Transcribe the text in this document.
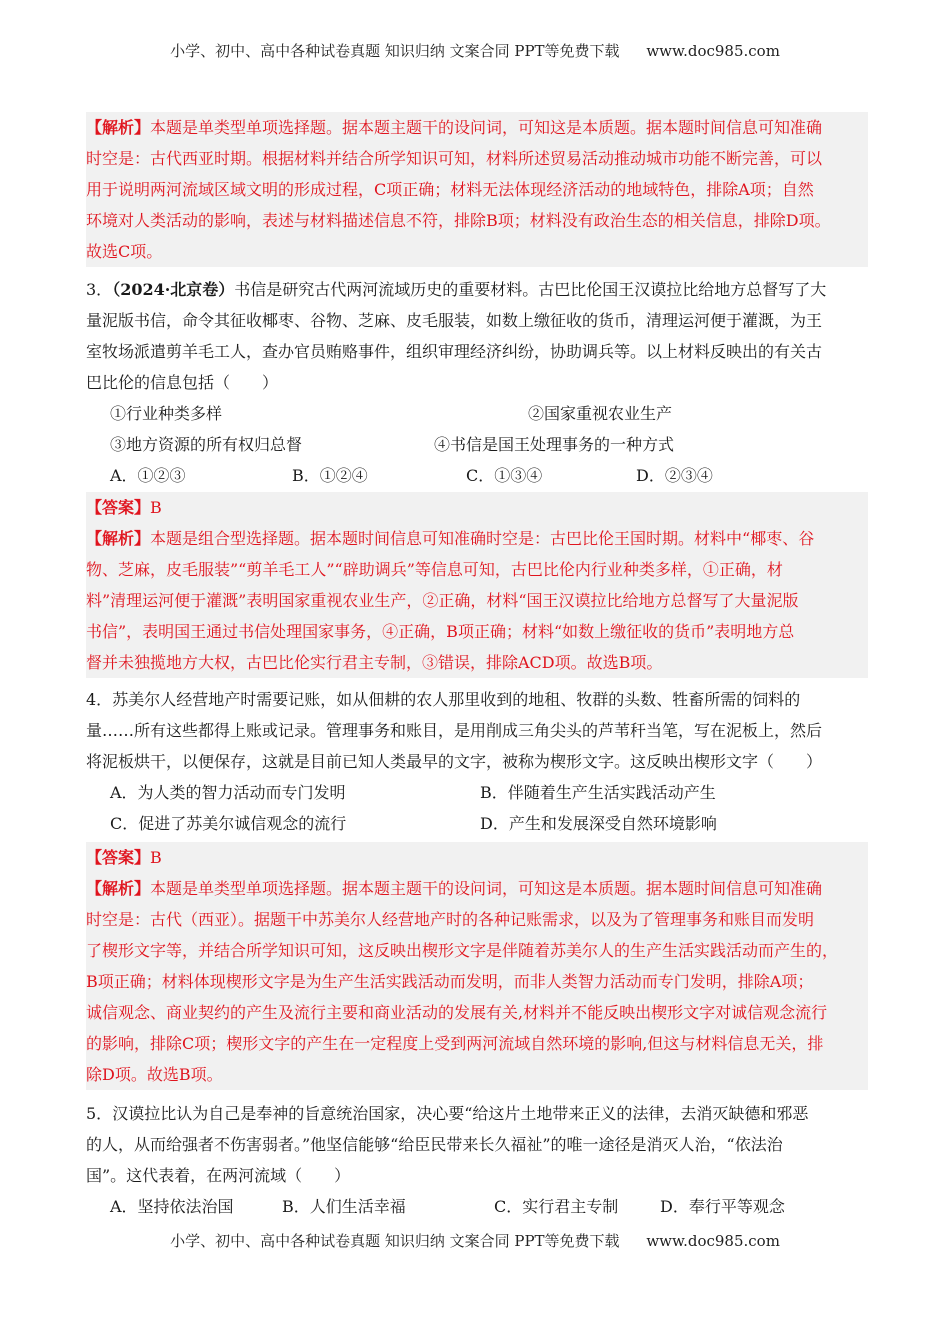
小学、初中、高中各种试卷真题 知识归纳 文案合同 PPT等免费下载 www.doc985.com

【解析】本题是单类型单项选择题。据本题主题干的设问词，可知这是本质题。据本题时间信息可知准确

时空是：古代西亚时期。根据材料并结合所学知识可知，材料所述贸易活动推动城市功能不断完善，可以

用于说明两河流域区域文明的形成过程，C项正确；材料无法体现经济活动的地域特色，排除A项；自然

环境对人类活动的影响，表述与材料描述信息不符，排除B项；材料没有政治生态的相关信息，排除D项。

故选C项。

3．（2024·北京卷）书信是研究古代两河流域历史的重要材料。古巴比伦国王汉谟拉比给地方总督写了大

量泥版书信，命令其征收椰枣、谷物、芝麻、皮毛服装，如数上缴征收的货币，清理运河便于灌溉，为王

室牧场派遣剪羊毛工人，查办官员贿赂事件，组织审理经济纠纷，协助调兵等。以上材料反映出的有关古

巴比伦的信息包括（　　）

①行业种类多样	②国家重视农业生产
③地方资源的所有权归总督	④书信是国王处理事务的一种方式
A．①②③	B．①②④	C．①③④	D．②③④

【答案】B

【解析】本题是组合型选择题。据本题时间信息可知准确时空是：古巴比伦王国时期。材料中“椰枣、谷

物、芝麻，皮毛服装”“剪羊毛工人”“辟助调兵”等信息可知，古巴比伦内行业种类多样，①正确，材

料”清理运河便于灌溉”表明国家重视农业生产，②正确，材料“国王汉谟拉比给地方总督写了大量泥版

书信”，表明国王通过书信处理国家事务，④正确，B项正确；材料“如数上缴征收的货币”表明地方总

督并未独揽地方大权，古巴比伦实行君主专制，③错误，排除ACD项。故选B项。

4．苏美尔人经营地产时需要记账，如从佃耕的农人那里收到的地租、牧群的头数、牲畜所需的饲料的

量……所有这些都得上账或记录。管理事务和账目，是用削成三角尖头的芦苇秆当笔，写在泥板上，然后

将泥板烘干，以便保存，这就是目前已知人类最早的文字，被称为楔形文字。这反映出楔形文字（　　）

A．为人类的智力活动而专门发明	B．伴随着生产生活实践活动产生
C．促进了苏美尔诚信观念的流行	D．产生和发展深受自然环境影响

【答案】B

【解析】本题是单类型单项选择题。据本题主题干的设问词，可知这是本质题。据本题时间信息可知准确

时空是：古代（西亚）。据题干中苏美尔人经营地产时的各种记账需求，以及为了管理事务和账目而发明

了楔形文字等，并结合所学知识可知，这反映出楔形文字是伴随着苏美尔人的生产生活实践活动而产生的，

B项正确；材料体现楔形文字是为生产生活实践活动而发明，而非人类智力活动而专门发明，排除A项；

诚信观念、商业契约的产生及流行主要和商业活动的发展有关,材料并不能反映出楔形文字对诚信观念流行

的影响，排除C项；楔形文字的产生在一定程度上受到两河流域自然环境的影响,但这与材料信息无关，排

除D项。故选B项。

5．汉谟拉比认为自己是奉神的旨意统治国家，决心要“给这片土地带来正义的法律，去消灭缺德和邪恶

的人，从而给强者不伤害弱者。”他坚信能够“给臣民带来长久福祉”的唯一途径是消灭人治，“依法治

国”。这代表着，在两河流域（　　）

A．坚持依法治国	B．人们生活幸福	C．实行君主专制	D．奉行平等观念
小学、初中、高中各种试卷真题 知识归纳 文案合同 PPT等免费下载 www.doc985.com
